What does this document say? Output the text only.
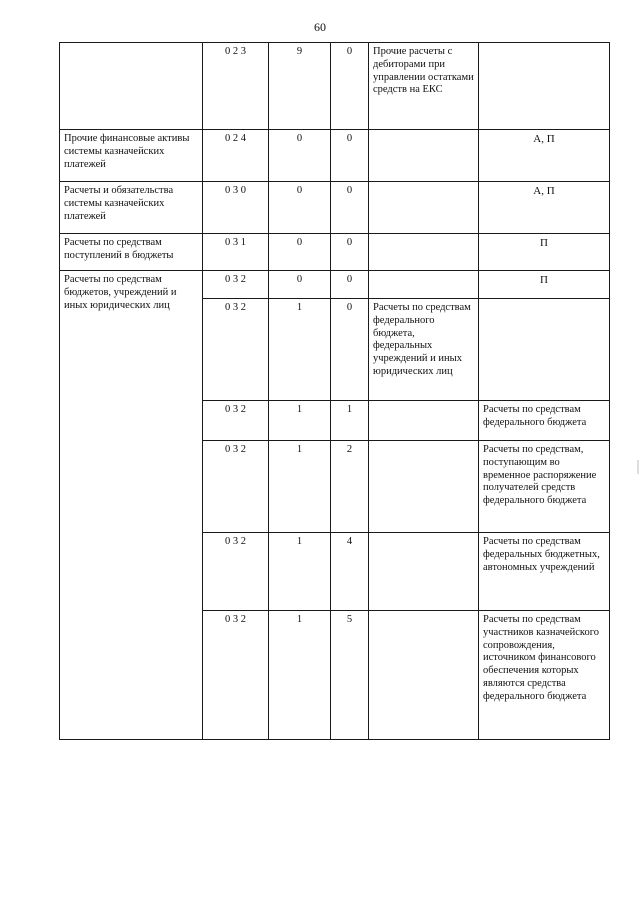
60
	0 2 3	9	0	Прочие расчеты с дебиторами при управлении остатками средств на ЕКС	
Прочие финансовые активы системы казначейских платежей	0 2 4	0	0		А, П
Расчеты и обязательства системы казначейских платежей	0 3 0	0	0		А, П
Расчеты по средствам поступлений в бюджеты	0 3 1	0	0		П
Расчеты по средствам бюджетов, учреждений и иных юридических лиц	0 3 2	0	0		П
	0 3 2	1	0	Расчеты по средствам федерального бюджета, федеральных учреждений и иных юридических лиц	
	0 3 2	1	1		Расчеты по средствам федерального бюджета
	0 3 2	1	2		Расчеты по средствам, поступающим во временное распоряжение получателей средств федерального бюджета
	0 3 2	1	4		Расчеты по средствам федеральных бюджетных, автономных учреждений
	0 3 2	1	5		Расчеты по средствам участников казначейского сопровождения, источником финансового обеспечения которых являются средства федерального бюджета
